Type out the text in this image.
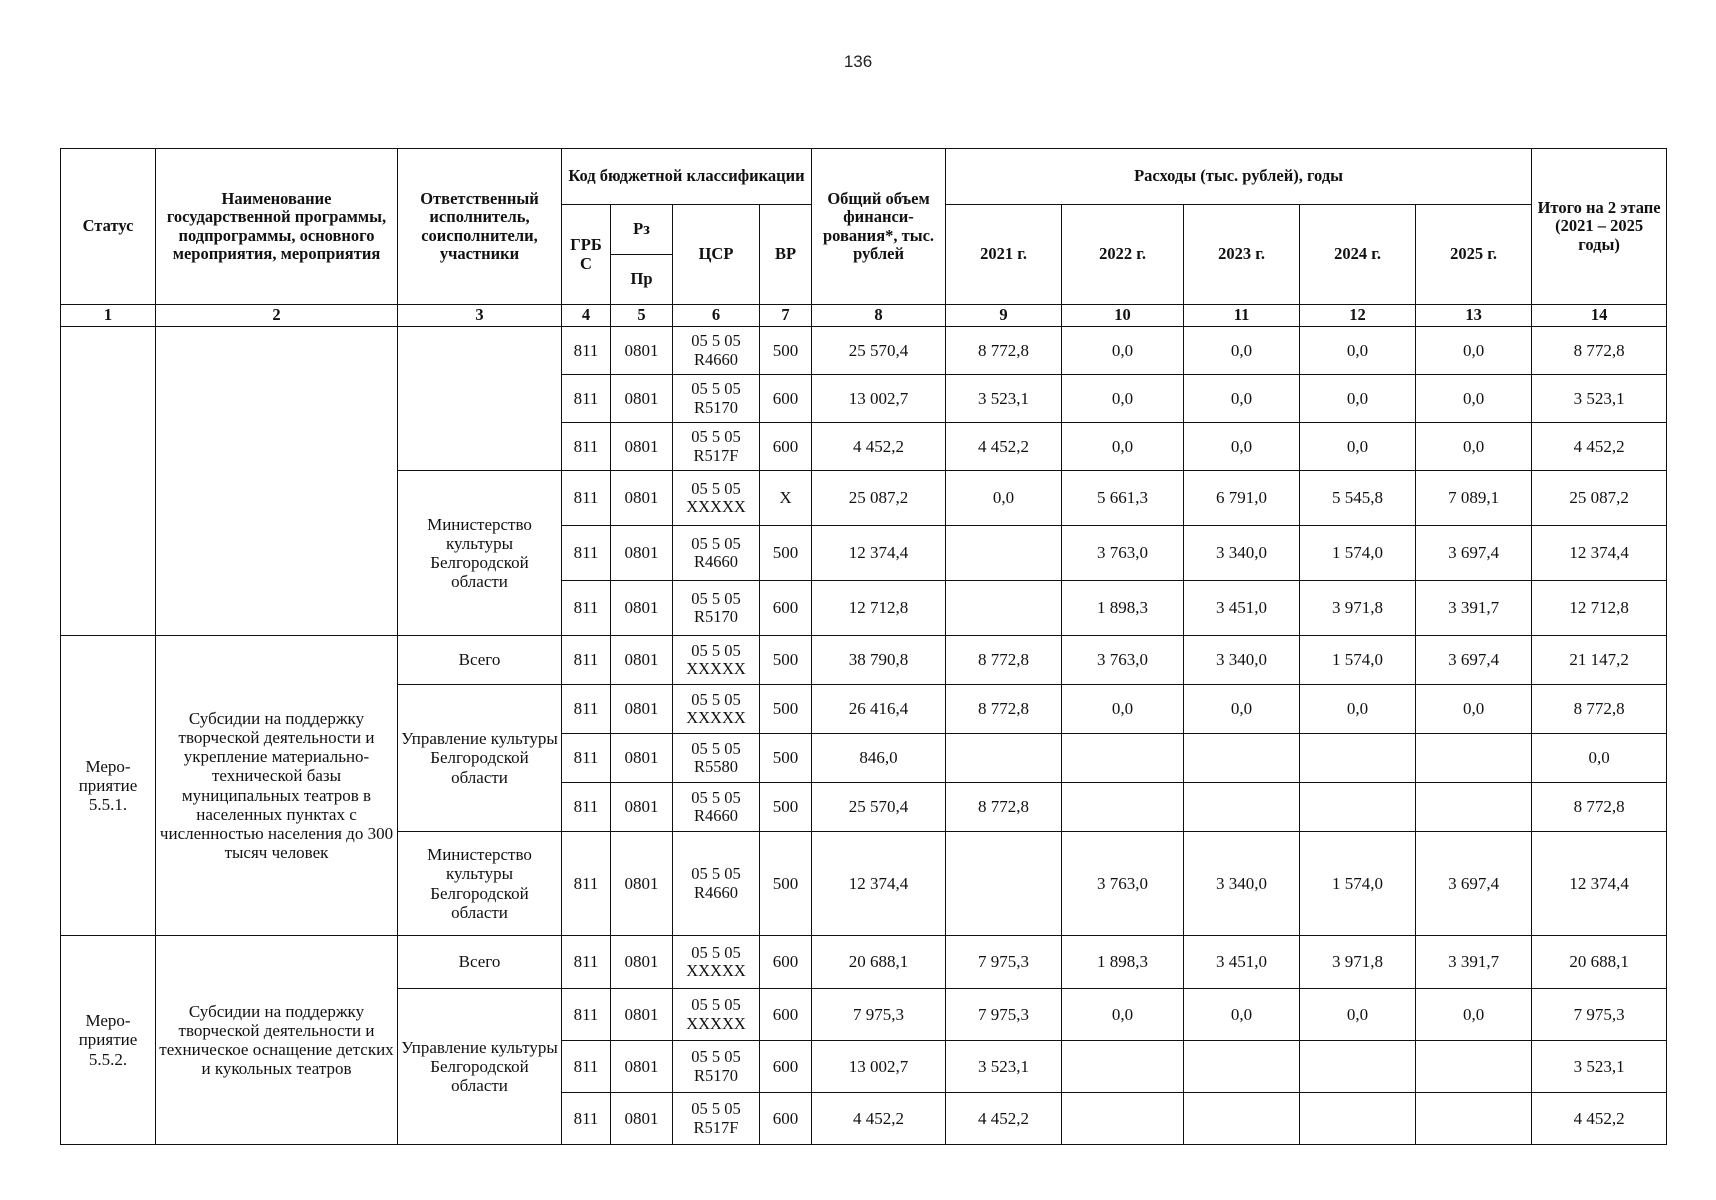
136
Статус	Наименование государственной программы, подпрограммы, основного мероприятия, мероприятия	Ответственный исполнитель, соисполнители, участники	Код бюджетной классификации				Общий объем финанси-рования*, тыс. рублей	Расходы (тыс. рублей), годы					Итого на 2 этапе (2021 – 2025 годы)
			ГРБС	Рз	ЦСР	ВР		2021 г.	2022 г.	2023 г.	2024 г.	2025 г.	
				Пр									
1	2	3	4	5	6	7	8	9	10	11	12	13	14
			811	0801	05 5 05 R4660	500	25 570,4	8 772,8	0,0	0,0	0,0	0,0	8 772,8
			811	0801	05 5 05 R5170	600	13 002,7	3 523,1	0,0	0,0	0,0	0,0	3 523,1
			811	0801	05 5 05 R517F	600	4 452,2	4 452,2	0,0	0,0	0,0	0,0	4 452,2
		Министерство культуры Белгородской области	811	0801	05 5 05 XXXXX	X	25 087,2	0,0	5 661,3	6 791,0	5 545,8	7 089,1	25 087,2
			811	0801	05 5 05 R4660	500	12 374,4		3 763,0	3 340,0	1 574,0	3 697,4	12 374,4
			811	0801	05 5 05 R5170	600	12 712,8		1 898,3	3 451,0	3 971,8	3 391,7	12 712,8
Меро-приятие 5.5.1.	Субсидии на поддержку творческой деятельности и укрепление материально-технической базы муниципальных театров в населенных пунктах с численностью населения до 300 тысяч человек	Всего	811	0801	05 5 05 XXXXX	500	38 790,8	8 772,8	3 763,0	3 340,0	1 574,0	3 697,4	21 147,2
		Управление культуры Белгородской области	811	0801	05 5 05 XXXXX	500	26 416,4	8 772,8	0,0	0,0	0,0	0,0	8 772,8
			811	0801	05 5 05 R5580	500	846,0						0,0
			811	0801	05 5 05 R4660	500	25 570,4	8 772,8					8 772,8
		Министерство культуры Белгородской области	811	0801	05 5 05 R4660	500	12 374,4		3 763,0	3 340,0	1 574,0	3 697,4	12 374,4
Меро-приятие 5.5.2.	Субсидии на поддержку творческой деятельности и техническое оснащение детских и кукольных театров	Всего	811	0801	05 5 05 XXXXX	600	20 688,1	7 975,3	1 898,3	3 451,0	3 971,8	3 391,7	20 688,1
		Управление культуры Белгородской области	811	0801	05 5 05 XXXXX	600	7 975,3	7 975,3	0,0	0,0	0,0	0,0	7 975,3
			811	0801	05 5 05 R5170	600	13 002,7	3 523,1					3 523,1
			811	0801	05 5 05 R517F	600	4 452,2	4 452,2					4 452,2
